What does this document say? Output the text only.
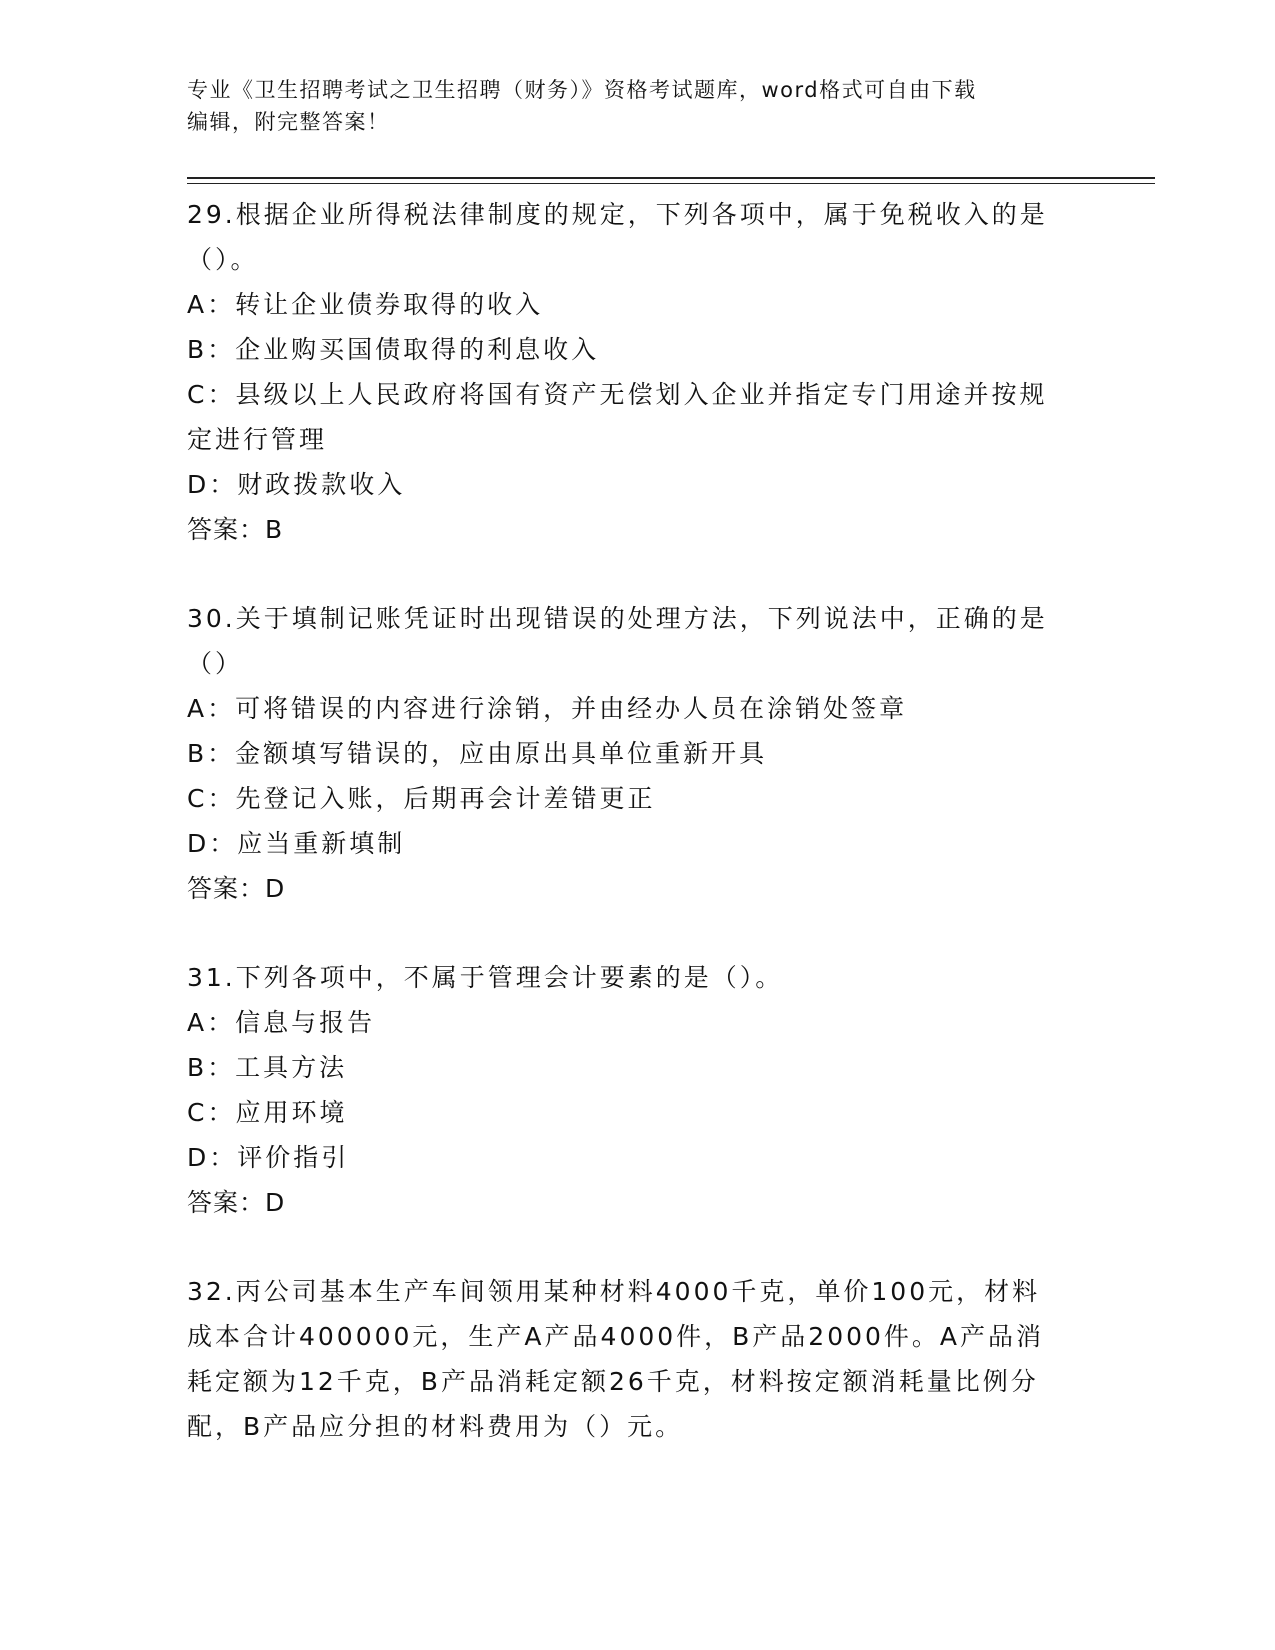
专业《卫生招聘考试之卫生招聘（财务）》资格考试题库，word格式可自由下载
编辑，附完整答案！
29.根据企业所得税法律制度的规定，下列各项中，属于免税收入的是
（）。
A：转让企业债券取得的收入
B：企业购买国债取得的利息收入
C：县级以上人民政府将国有资产无偿划入企业并指定专门用途并按规
定进行管理
D：财政拨款收入
答案：B
30.关于填制记账凭证时出现错误的处理方法，下列说法中，正确的是
（）
A：可将错误的内容进行涂销，并由经办人员在涂销处签章
B：金额填写错误的，应由原出具单位重新开具
C：先登记入账，后期再会计差错更正
D：应当重新填制
答案：D
31.下列各项中，不属于管理会计要素的是（）。
A：信息与报告
B：工具方法
C：应用环境
D：评价指引
答案：D
32.丙公司基本生产车间领用某种材料4000千克，单价100元，材料
成本合计400000元，生产A产品4000件，B产品2000件。A产品消
耗定额为12千克，B产品消耗定额26千克，材料按定额消耗量比例分
配，B产品应分担的材料费用为（）元。
